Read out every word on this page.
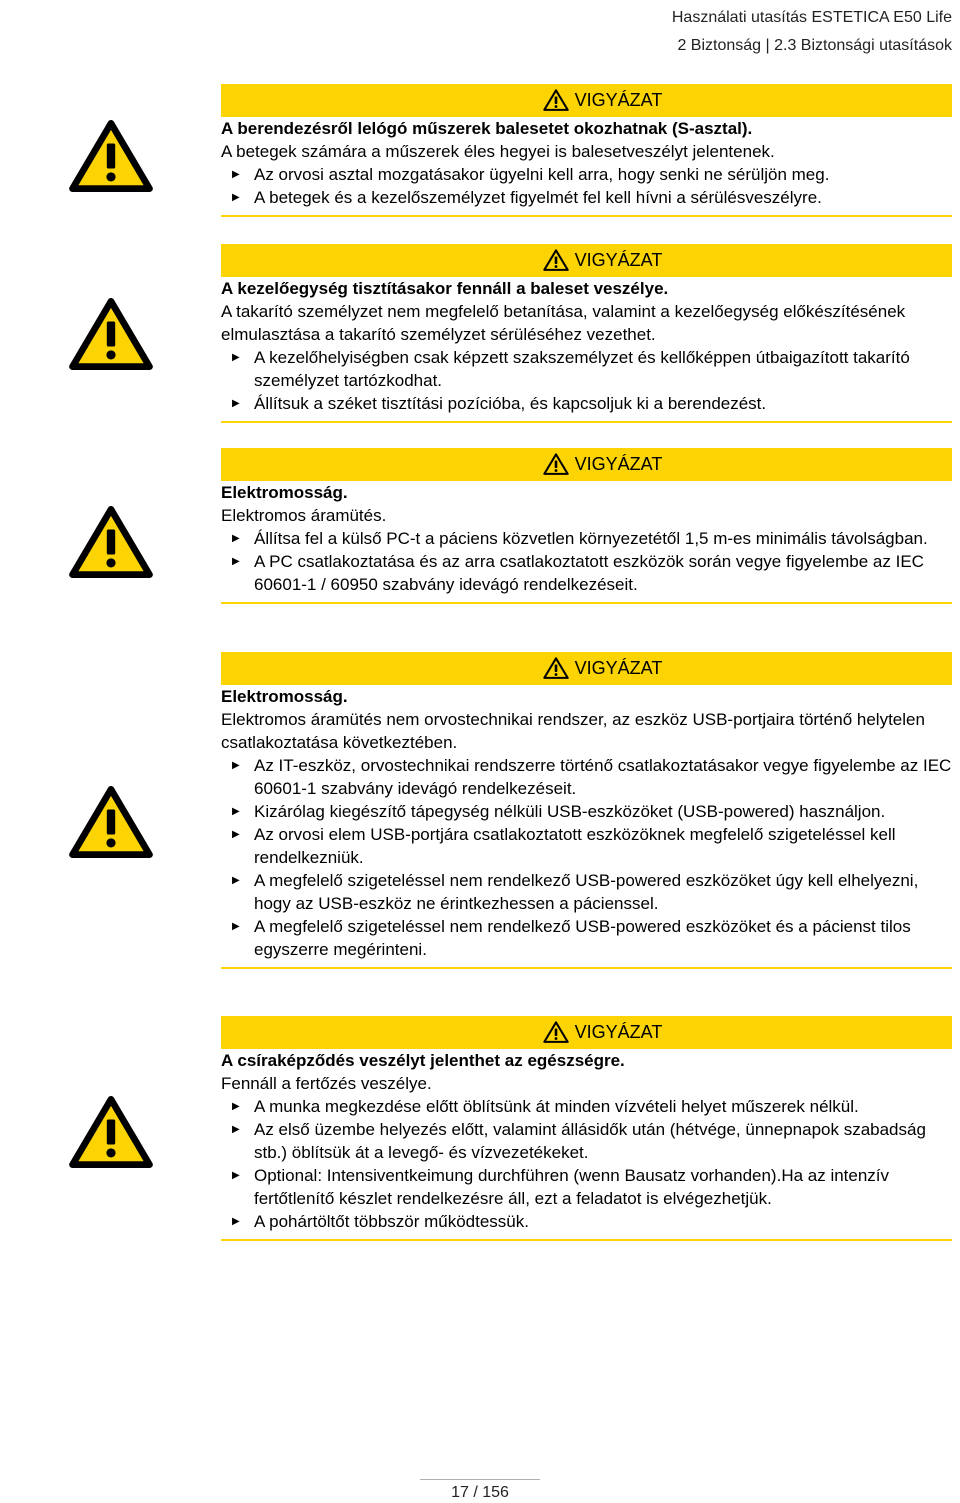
Használati utasítás ESTETICA E50 Life
2 Biztonság | 2.3 Biztonsági utasítások
VIGYÁZAT
A berendezésről lelógó műszerek balesetet okozhatnak (S-asztal).
A betegek számára a műszerek éles hegyei is balesetveszélyt jelentenek.
▶ Az orvosi asztal mozgatásakor ügyelni kell arra, hogy senki ne sérüljön meg.
▶ A betegek és a kezelőszemélyzet figyelmét fel kell hívni a sérülésveszélyre.
VIGYÁZAT
A kezelőegység tisztításakor fennáll a baleset veszélye.
A takarító személyzet nem megfelelő betanítása, valamint a kezelőegység előkészítésének elmulasztása a takarító személyzet sérüléséhez vezethet.
▶ A kezelőhelyiségben csak képzett szakszemélyzet és kellőképpen útbaigazított takarító személyzet tartózkodhat.
▶ Állítsuk a széket tisztítási pozícióba, és kapcsoljuk ki a berendezést.
VIGYÁZAT
Elektromosság.
Elektromos áramütés.
▶ Állítsa fel a külső PC-t a páciens közvetlen környezetétől 1,5 m-es minimális távolságban.
▶ A PC csatlakoztatása és az arra csatlakoztatott eszközök során vegye figyelembe az IEC 60601-1 / 60950 szabvány idevágó rendelkezéseit.
VIGYÁZAT
Elektromosság.
Elektromos áramütés nem orvostechnikai rendszer, az eszköz USB-portjaira történő helytelen csatlakoztatása következtében.
▶ Az IT-eszköz, orvostechnikai rendszerre történő csatlakoztatásakor vegye figyelembe az IEC 60601-1 szabvány idevágó rendelkezéseit.
▶ Kizárólag kiegészítő tápegység nélküli USB-eszközöket (USB-powered) használjon.
▶ Az orvosi elem USB-portjára csatlakoztatott eszközöknek megfelelő szigeteléssel kell rendelkezniük.
▶ A megfelelő szigeteléssel nem rendelkező USB-powered eszközöket úgy kell elhelyezni, hogy az USB-eszköz ne érintkezhessen a pácienssel.
▶ A megfelelő szigeteléssel nem rendelkező USB-powered eszközöket és a pácienst tilos egyszerre megérinteni.
VIGYÁZAT
A csíraképződés veszélyt jelenthet az egészségre.
Fennáll a fertőzés veszélye.
▶ A munka megkezdése előtt öblítsünk át minden vízvételi helyet műszerek nélkül.
▶ Az első üzembe helyezés előtt, valamint állásidők után (hétvége, ünnepnapok szabadság stb.) öblítsük át a levegő- és vízvezetékeket.
▶ Optional: Intensiventkeimung durchführen (wenn Bausatz vorhanden).Ha az intenzív fertőtlenítő készlet rendelkezésre áll, ezt a feladatot is elvégezhetjük.
▶ A pohártöltőt többször működtessük.
17 / 156
